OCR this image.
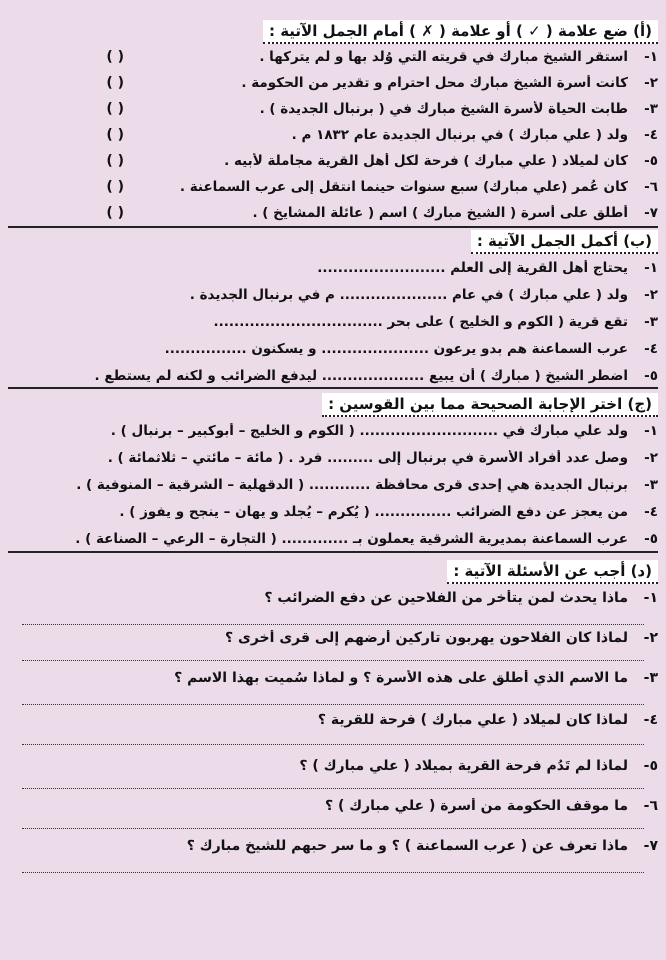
(أ) ضع علامة ( ✓ ) أو علامة ( ✗ ) أمام الجمل الآتية :
١-
استقر الشيخ مبارك في قريته التي وُلد بها و لم يتركها .
( )
٢-
كانت أسرة الشيخ مبارك محل احترام و تقدير من الحكومة .
( )
٣-
طابت الحياة لأسرة الشيخ مبارك في ( برنبال الجديدة ) .
( )
٤-
ولد ( علي مبارك ) في برنبال الجديدة عام ١٨٣٢ م .
( )
٥-
كان لميلاد ( علي مبارك ) فرحة لكل أهل القرية مجاملة لأبيه .
( )
٦-
كان عُمر (علي مبارك) سبع سنوات حينما انتقل إلى عرب السماعنة .
( )
٧-
أطلق على أسرة ( الشيخ مبارك ) اسم ( عائلة المشايخ ) .
( )
(ب) أكمل الجمل الآتية :
١-
يحتاج أهل القرية إلى العلم .........................
٢-
ولد ( علي مبارك ) في عام ..................... م في برنبال الجديدة .
٣-
تقع قرية ( الكوم و الخليج ) على بحر .................................
٤-
عرب السماعنة هم بدو يرعون ..................... و يسكنون ................
٥-
اضطر الشيخ ( مبارك ) أن يبيع .................... ليدفع الضرائب و لكنه لم يستطع .
(ج) اختر الإجابة الصحيحة مما بين القوسين :
١-
ولد علي مبارك في ........................... ( الكوم و الخليج – أبوكبير – برنبال ) .
٢-
وصل عدد أفراد الأسرة في برنبال إلى ......... فرد . ( مائة – مائتي – ثلاثمائة ) .
٣-
برنبال الجديدة هي إحدى قرى محافظة ............ ( الدقهلية – الشرقية – المنوفية ) .
٤-
من يعجز عن دفع الضرائب ............... ( يُكرم – يُجلد و يهان – ينجح و يفوز ) .
٥-
عرب السماعنة بمديرية الشرقية يعملون بـ ............. ( التجارة – الرعي – الصناعة ) .
(د) أجب عن الأسئلة الآتية :
١-
ماذا يحدث لمن يتأخر من الفلاحين عن دفع الضرائب ؟
٢-
لماذا كان الفلاحون يهربون تاركين أرضهم إلى قرى أخرى ؟
٣-
ما الاسم الذي أطلق على هذه الأسرة ؟ و لماذا سُميت بهذا الاسم ؟
٤-
لماذا كان لميلاد ( علي مبارك ) فرحة للقرية ؟
٥-
لماذا لم تَدُم فرحة القرية بميلاد ( علي مبارك ) ؟
٦-
ما موقف الحكومة من أسرة ( علي مبارك ) ؟
٧-
ماذا تعرف عن ( عرب السماعنة ) ؟ و ما سر حبهم للشيخ مبارك ؟
